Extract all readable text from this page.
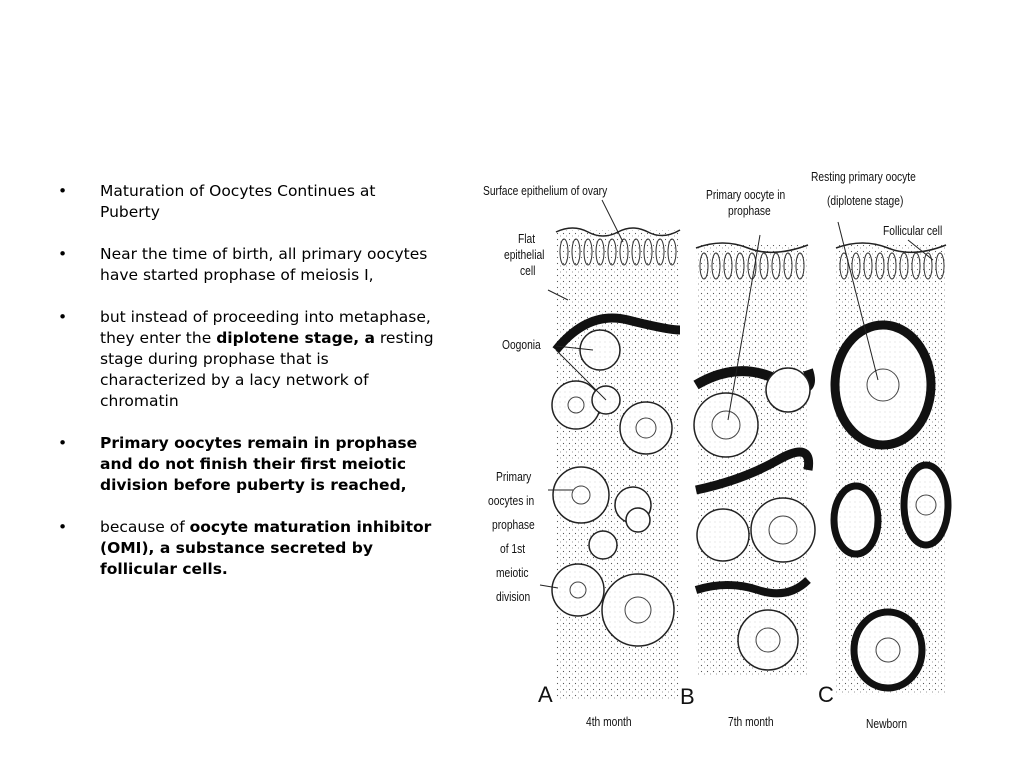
• Maturation of Oocytes Continues at Puberty
• Near the time of birth, all primary oocytes have started prophase of meiosis I,
• but instead of proceeding into metaphase, they enter the diplotene stage, a resting stage during prophase that is characterized by a lacy network of chromatin
• Primary oocytes remain in prophase and do not finish their first meiotic division before puberty is reached,
• because of oocyte maturation inhibitor (OMI), a substance secreted by follicular cells.
Surface epithelium of ovary
Flat
epithelial
cell
Oogonia
Primary
oocytes in
prophase
of 1st
meiotic
division
Primary oocyte in
prophase
Resting primary oocyte
(diplotene stage)
Follicular cell
A	B	C
4th month	7th month	Newborn
